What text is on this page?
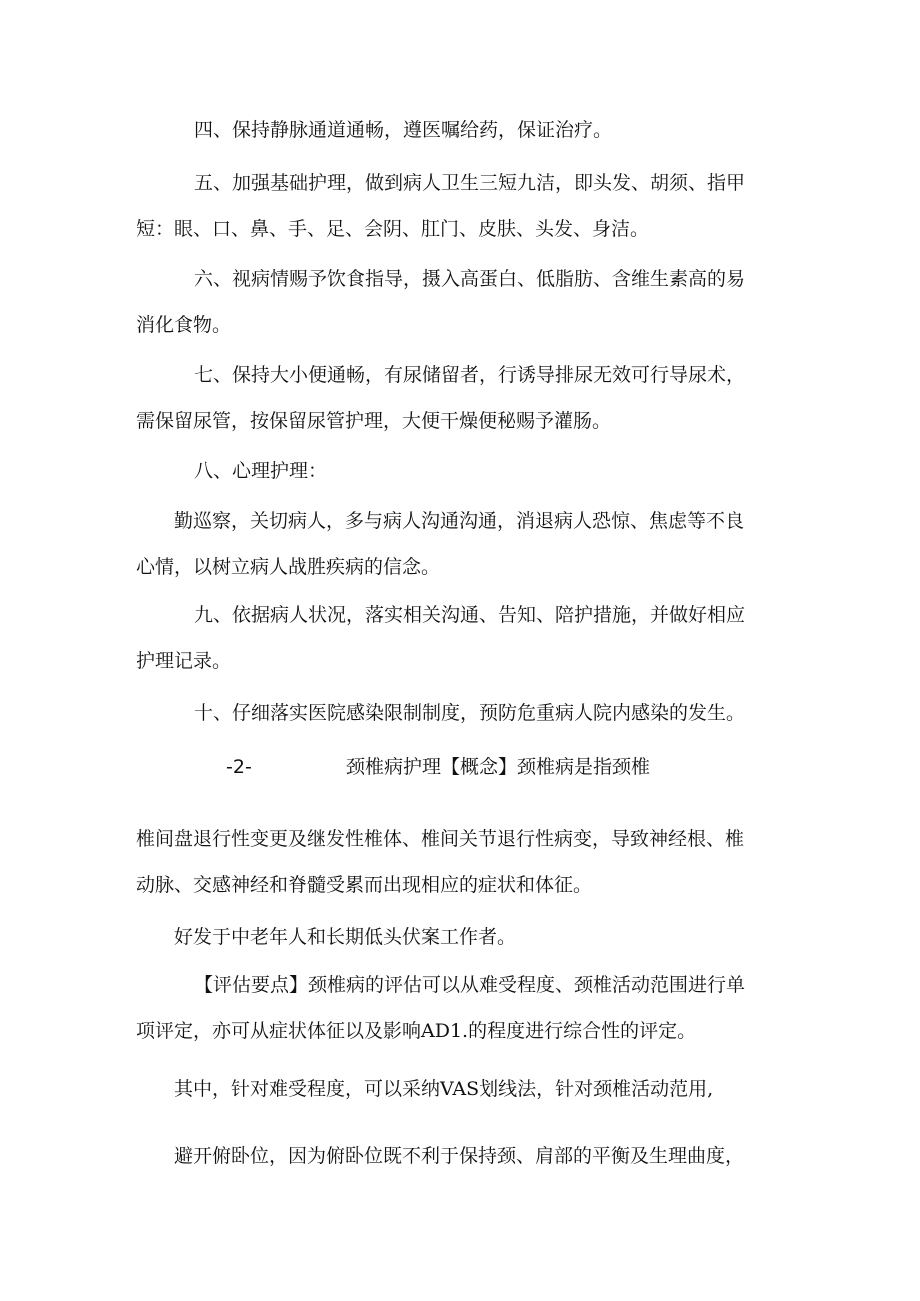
四、保持静脉通道通畅，遵医嘱给药，保证治疗。

五、加强基础护理，做到病人卫生三短九洁，即头发、胡须、指甲

短：眼、口、鼻、手、足、会阴、肛门、皮肤、头发、身洁。

六、视病情赐予饮食指导，摄入高蛋白、低脂肪、含维生素高的易

消化食物。

七、保持大小便通畅，有尿储留者，行诱导排尿无效可行导尿术，

需保留尿管，按保留尿管护理，大便干燥便秘赐予灌肠。

八、心理护理：

勤巡察，关切病人，多与病人沟通沟通，消退病人恐惊、焦虑等不良

心情，以树立病人战胜疾病的信念。

九、依据病人状况，落实相关沟通、告知、陪护措施，并做好相应

护理记录。

十、仔细落实医院感染限制制度，预防危重病人院内感染的发生。

-2-	颈椎病护理【概念】颈椎病是指颈椎

椎间盘退行性变更及继发性椎体、椎间关节退行性病变，导致神经根、椎

动脉、交感神经和脊髓受累而出现相应的症状和体征。

好发于中老年人和长期低头伏案工作者。

【评估要点】颈椎病的评估可以从难受程度、颈椎活动范围进行单

项评定，亦可从症状体征以及影响AD1.的程度进行综合性的评定。

其中，针对难受程度，可以采纳VAS划线法，针对颈椎活动范用,

避开俯卧位，因为俯卧位既不利于保持颈、肩部的平衡及生理曲度，
